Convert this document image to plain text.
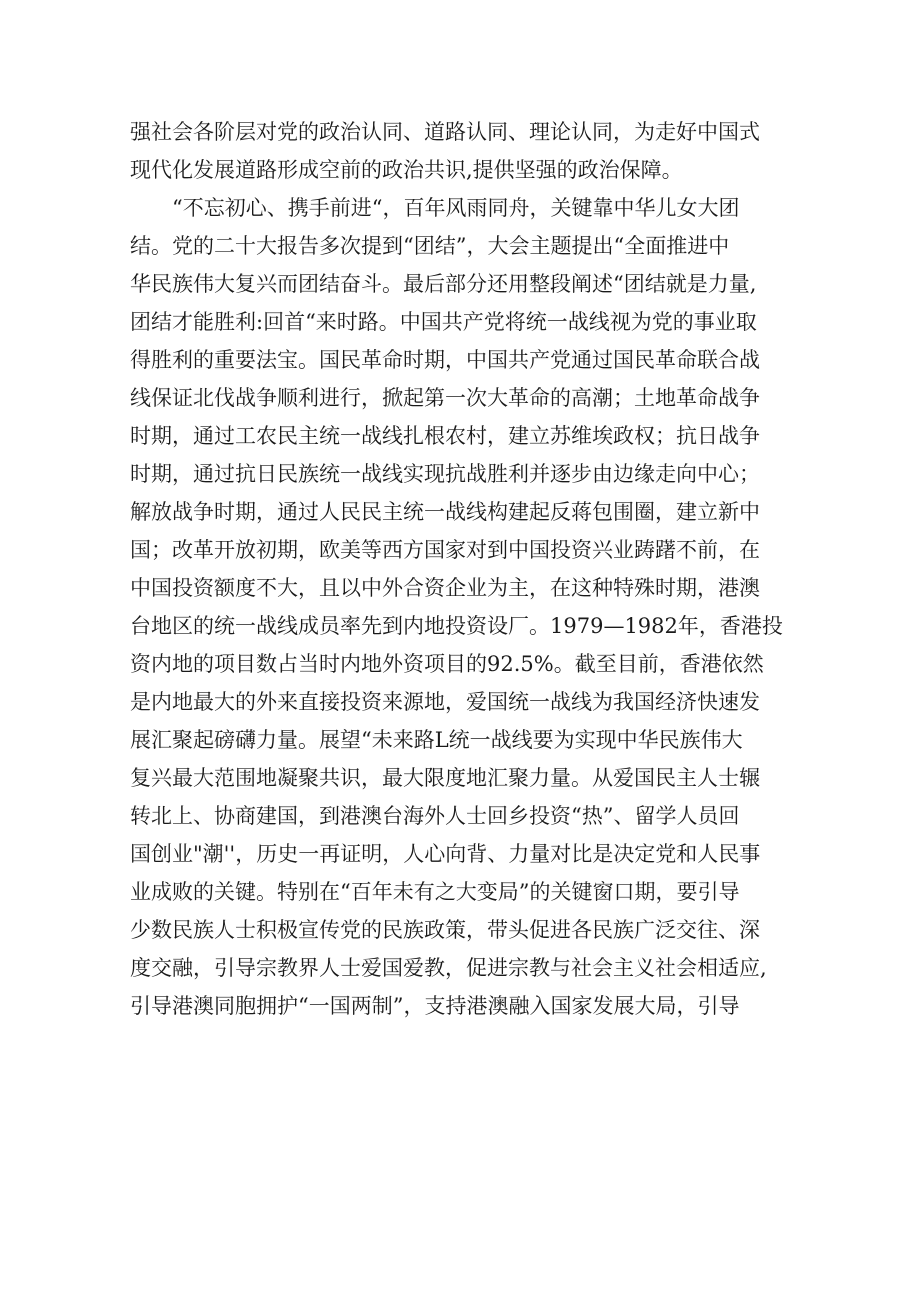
强社会各阶层对党的政治认同、道路认同、理论认同，为走好中国式
现代化发展道路形成空前的政治共识,提供坚强的政治保障。
“不忘初心、携手前进“，百年风雨同舟，关键靠中华儿女大团
结。党的二十大报告多次提到“团结”，大会主题提出“全面推进中
华民族伟大复兴而团结奋斗。最后部分还用整段阐述“团结就是力量,
团结才能胜利:回首“来时路。中国共产党将统一战线视为党的事业取
得胜利的重要法宝。国民革命时期，中国共产党通过国民革命联合战
线保证北伐战争顺利进行，掀起第一次大革命的高潮；土地革命战争
时期，通过工农民主统一战线扎根农村，建立苏维埃政权；抗日战争
时期，通过抗日民族统一战线实现抗战胜利并逐步由边缘走向中心；
解放战争时期，通过人民民主统一战线构建起反蒋包围圈，建立新中
国；改革开放初期，欧美等西方国家对到中国投资兴业踌躇不前，在
中国投资额度不大，且以中外合资企业为主，在这种特殊时期，港澳
台地区的统一战线成员率先到内地投资设厂。1979—1982年，香港投
资内地的项目数占当时内地外资项目的92.5%。截至目前，香港依然
是内地最大的外来直接投资来源地，爱国统一战线为我国经济快速发
展汇聚起磅礴力量。展望“未来路L统一战线要为实现中华民族伟大
复兴最大范围地凝聚共识，最大限度地汇聚力量。从爱国民主人士辗
转北上、协商建国，到港澳台海外人士回乡投资“热”、留学人员回
国创业"潮''，历史一再证明，人心向背、力量对比是决定党和人民事
业成败的关键。特别在“百年未有之大变局”的关键窗口期，要引导
少数民族人士积极宣传党的民族政策，带头促进各民族广泛交往、深
度交融，引导宗教界人士爱国爱教，促进宗教与社会主义社会相适应,
引导港澳同胞拥护“一国两制”，支持港澳融入国家发展大局，引导
